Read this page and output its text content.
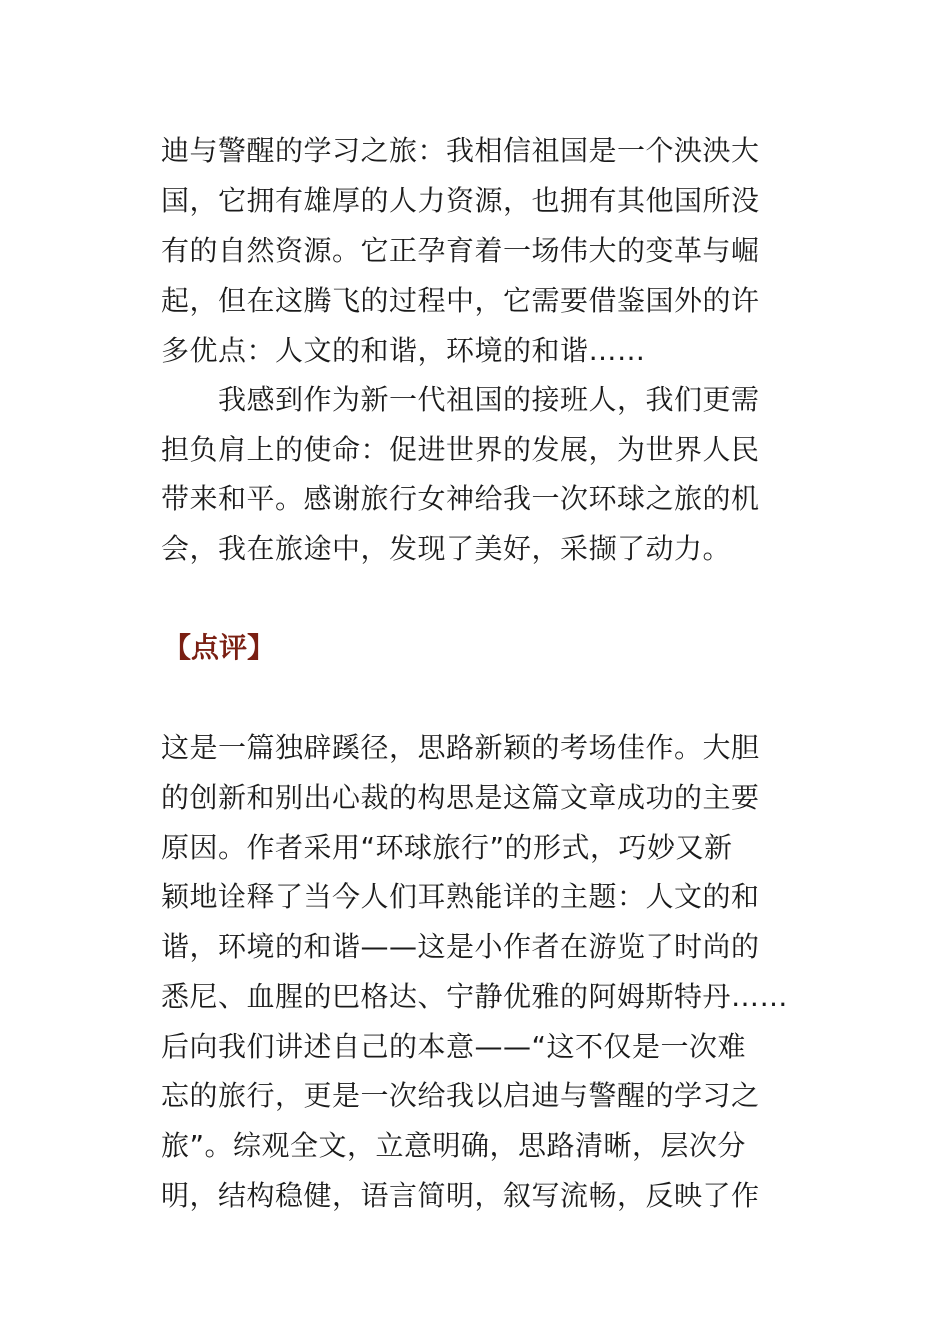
迪与警醒的学习之旅：我相信祖国是一个泱泱大
国，它拥有雄厚的人力资源，也拥有其他国所没
有的自然资源。它正孕育着一场伟大的变革与崛
起，但在这腾飞的过程中，它需要借鉴国外的许
多优点：人文的和谐，环境的和谐……
我感到作为新一代祖国的接班人，我们更需
担负肩上的使命：促进世界的发展，为世界人民
带来和平。感谢旅行女神给我一次环球之旅的机
会，我在旅途中，发现了美好，采撷了动力。
【点评】
这是一篇独辟蹊径，思路新颖的考场佳作。大胆
的创新和别出心裁的构思是这篇文章成功的主要
原因。作者采用“环球旅行”的形式，巧妙又新
颖地诠释了当今人们耳熟能详的主题：人文的和
谐，环境的和谐——这是小作者在游览了时尚的
悉尼、血腥的巴格达、宁静优雅的阿姆斯特丹……
后向我们讲述自己的本意——“这不仅是一次难
忘的旅行，更是一次给我以启迪与警醒的学习之
旅”。综观全文，立意明确，思路清晰，层次分
明，结构稳健，语言简明，叙写流畅，反映了作
